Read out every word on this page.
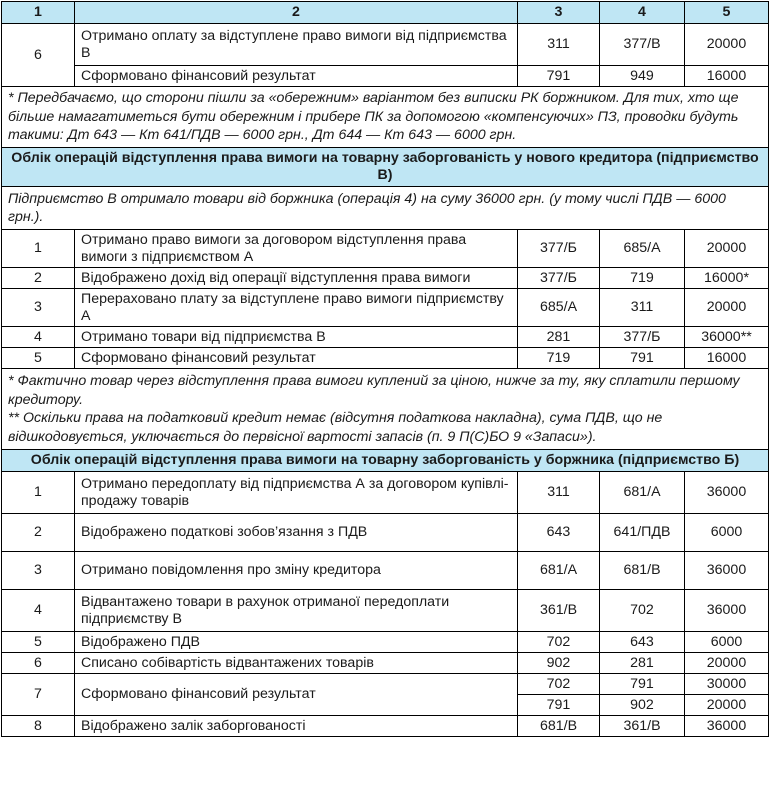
1	2	3	4	5
6	Отримано оплату за відступлене право вимоги від підприємства В	311	377/В	20000
	Сформовано фінансовий результат	791	949	16000
* Передбачаємо, що сторони пішли за «обережним» варіантом без виписки РК боржником. Для тих, хто ще більше намагатиметься бути обережним і прибере ПК за допомогою «компенсуючих» ПЗ, проводки будуть такими: Дт 643 — Кт 641/ПДВ — 6000 грн., Дт 644 — Кт 643 — 6000 грн.				
Облік операцій відступлення права вимоги на товарну заборгованість у нового кредитора (підприємство В)				
Підприємство В отримало товари від боржника (операція 4) на суму 36000 грн. (у тому числі ПДВ — 6000 грн.).				
1	Отримано право вимоги за договором відступлення права вимоги з підприємством А	377/Б	685/А	20000
2	Відображено дохід від операції відступлення права вимоги	377/Б	719	16000*
3	Перераховано плату за відступлене право вимоги підприємству А	685/А	311	20000
4	Отримано товари від підприємства В	281	377/Б	36000**
5	Сформовано фінансовий результат	719	791	16000

* Фактично товар через відступлення права вимоги куплений за ціною, нижче за ту, яку сплатили першому кредитору.
** Оскільки права на податковий кредит немає (відсутня податкова накладна), сума ПДВ, що не відшкодовується, уключається до первісної вартості запасів (п. 9 П(С)БО 9 «Запаси»).				

Облік операцій відступлення права вимоги на товарну заборгованість у боржника (підприємство Б)				
1	Отримано передоплату від підприємства А за договором купівлі-продажу товарів	311	681/А	36000
2	Відображено податкові зобов’язання з ПДВ	643	641/ПДВ	6000
3	Отримано повідомлення про зміну кредитора	681/А	681/В	36000
4	Відвантажено товари в рахунок отриманої передоплати підприємству В	361/В	702	36000
5	Відображено ПДВ	702	643	6000
6	Списано собівартість відвантажених товарів	902	281	20000
7	Сформовано фінансовий результат	702	791	30000
		791	902	20000
8	Відображено залік заборгованості	681/В	361/В	36000
